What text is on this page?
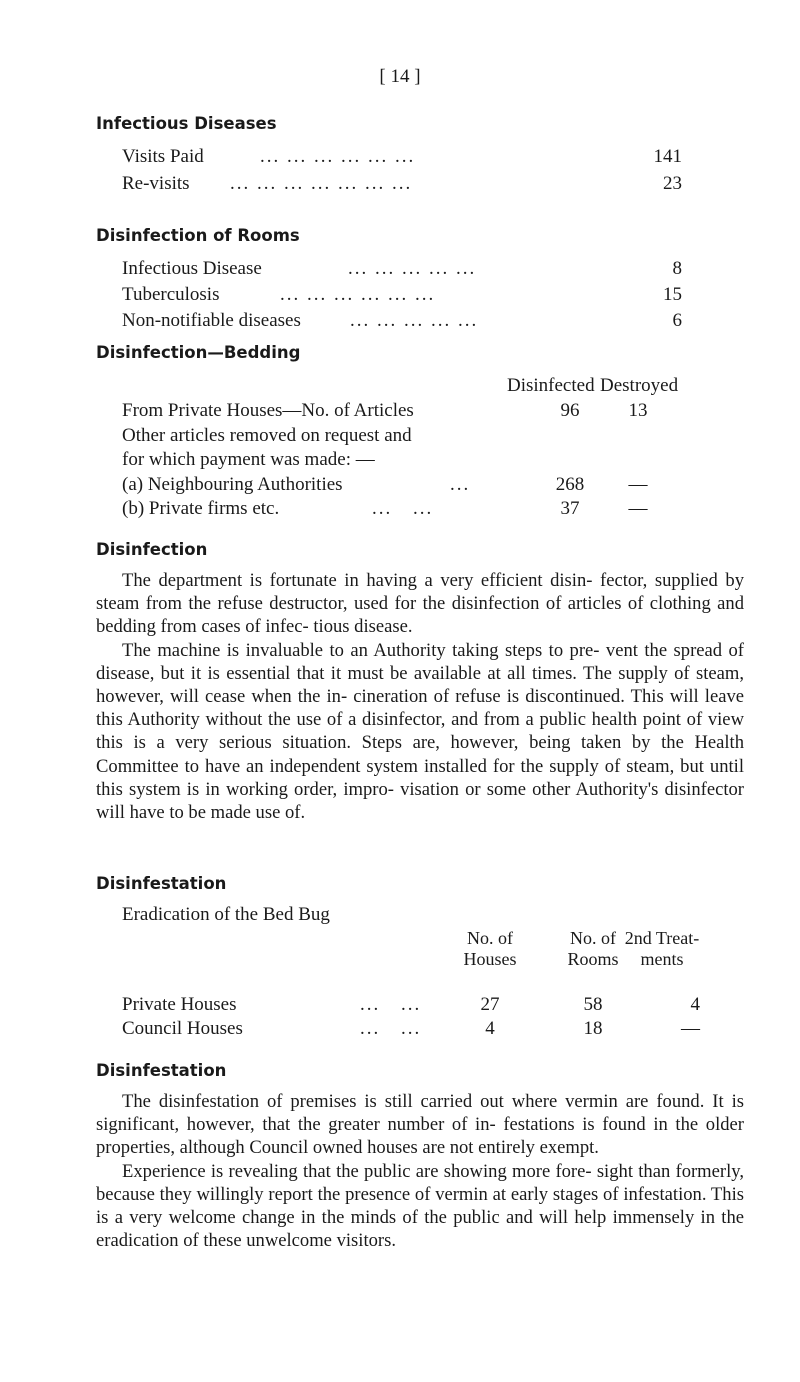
[ 14 ]
Infectious Diseases
Visits Paid	... ... ... ... ... ...	141
Re-visits ... ... ... ... ... ... ...	23
Disinfection of Rooms
Infectious Disease	... ... ... ... ...	8
Tuberculosis	... ... ... ... ... ...	15
Non-notifiable diseases	... ... ... ... ...	6
Disinfection—Bedding
Disinfected Destroyed
From Private Houses—No. of Articles	96	13
Other articles removed on request and
for which payment was made: —
(a) Neighbouring Authorities	...	268	—
(b) Private firms etc.	... ...	37	—
Disinfection

The department is fortunate in having a very efficient disin- fector, supplied by steam from the refuse destructor, used for the disinfection of articles of clothing and bedding from cases of infec- tious disease.

The machine is invaluable to an Authority taking steps to pre- vent the spread of disease, but it is essential that it must be available at all times. The supply of steam, however, will cease when the in- cineration of refuse is discontinued. This will leave this Authority without the use of a disinfector, and from a public health point of view this is a very serious situation. Steps are, however, being taken by the Health Committee to have an independent system installed for the supply of steam, but until this system is in working order, impro- visation or some other Authority's disinfector will have to be made use of.

Disinfestation
Eradication of the Bed Bug
No. of
Houses
No. of
Rooms
2nd Treat-
ments
Private Houses	... ...	27	58	4
Council Houses	... ...	4	18	—
Disinfestation

The disinfestation of premises is still carried out where vermin are found. It is significant, however, that the greater number of in- festations is found in the older properties, although Council owned houses are not entirely exempt.

Experience is revealing that the public are showing more fore- sight than formerly, because they willingly report the presence of vermin at early stages of infestation. This is a very welcome change in the minds of the public and will help immensely in the eradication of these unwelcome visitors.
